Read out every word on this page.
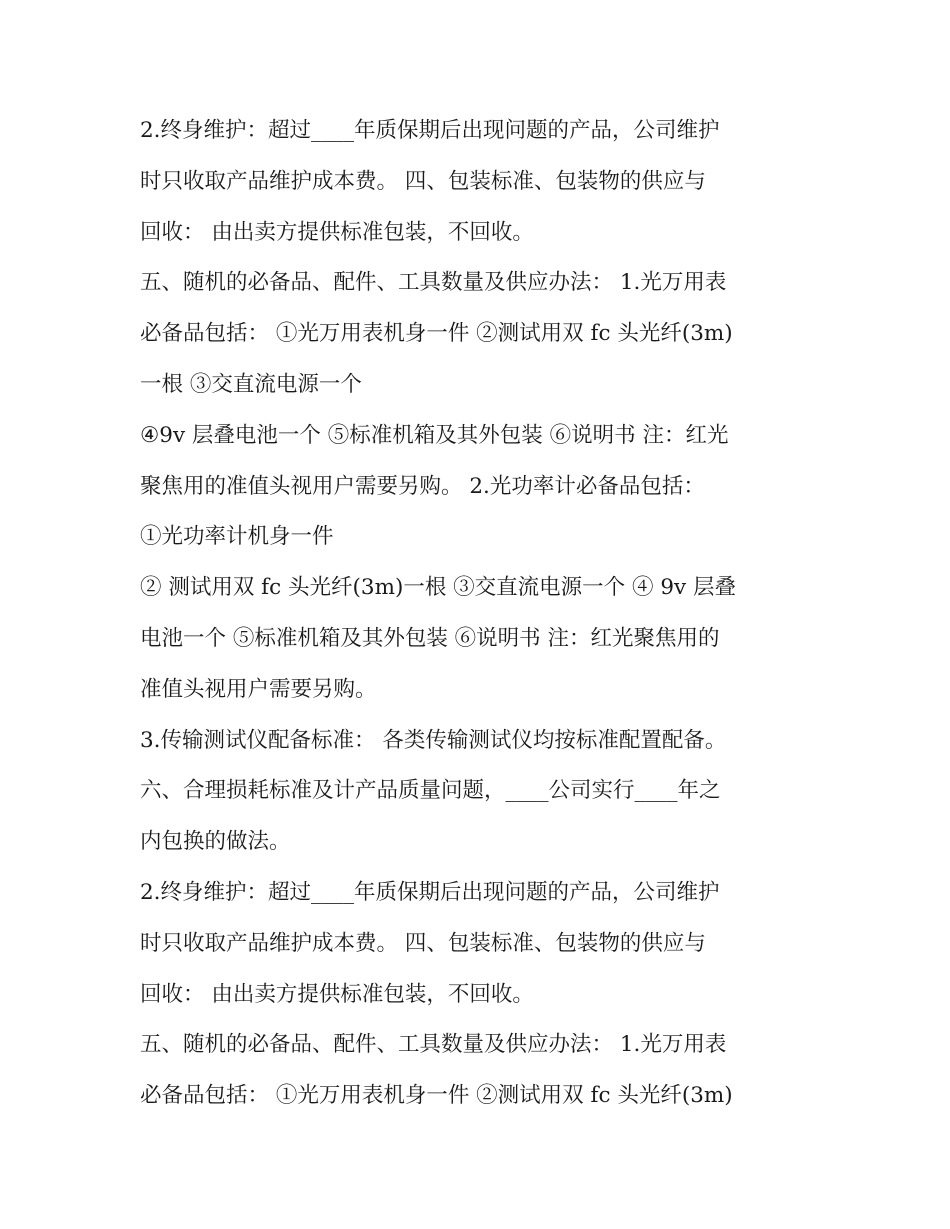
2.终身维护：超过____年质保期后出现问题的产品，公司维护
时只收取产品维护成本费。 四、包装标准、包装物的供应与
回收： 由出卖方提供标准包装，不回收。
五、随机的必备品、配件、工具数量及供应办法： 1.光万用表
必备品包括： ①光万用表机身一件 ②测试用双 fc 头光纤(3m)
一根 ③交直流电源一个
④9v 层叠电池一个 ⑤标准机箱及其外包装 ⑥说明书 注：红光
聚焦用的准值头视用户需要另购。 2.光功率计必备品包括：
①光功率计机身一件
② 测试用双 fc 头光纤(3m)一根 ③交直流电源一个 ④ 9v 层叠
电池一个 ⑤标准机箱及其外包装 ⑥说明书 注：红光聚焦用的
准值头视用户需要另购。
3.传输测试仪配备标准： 各类传输测试仪均按标准配置配备。
六、合理损耗标准及计产品质量问题，____公司实行____年之
内包换的做法。
2.终身维护：超过____年质保期后出现问题的产品，公司维护
时只收取产品维护成本费。 四、包装标准、包装物的供应与
回收： 由出卖方提供标准包装，不回收。
五、随机的必备品、配件、工具数量及供应办法： 1.光万用表
必备品包括： ①光万用表机身一件 ②测试用双 fc 头光纤(3m)
